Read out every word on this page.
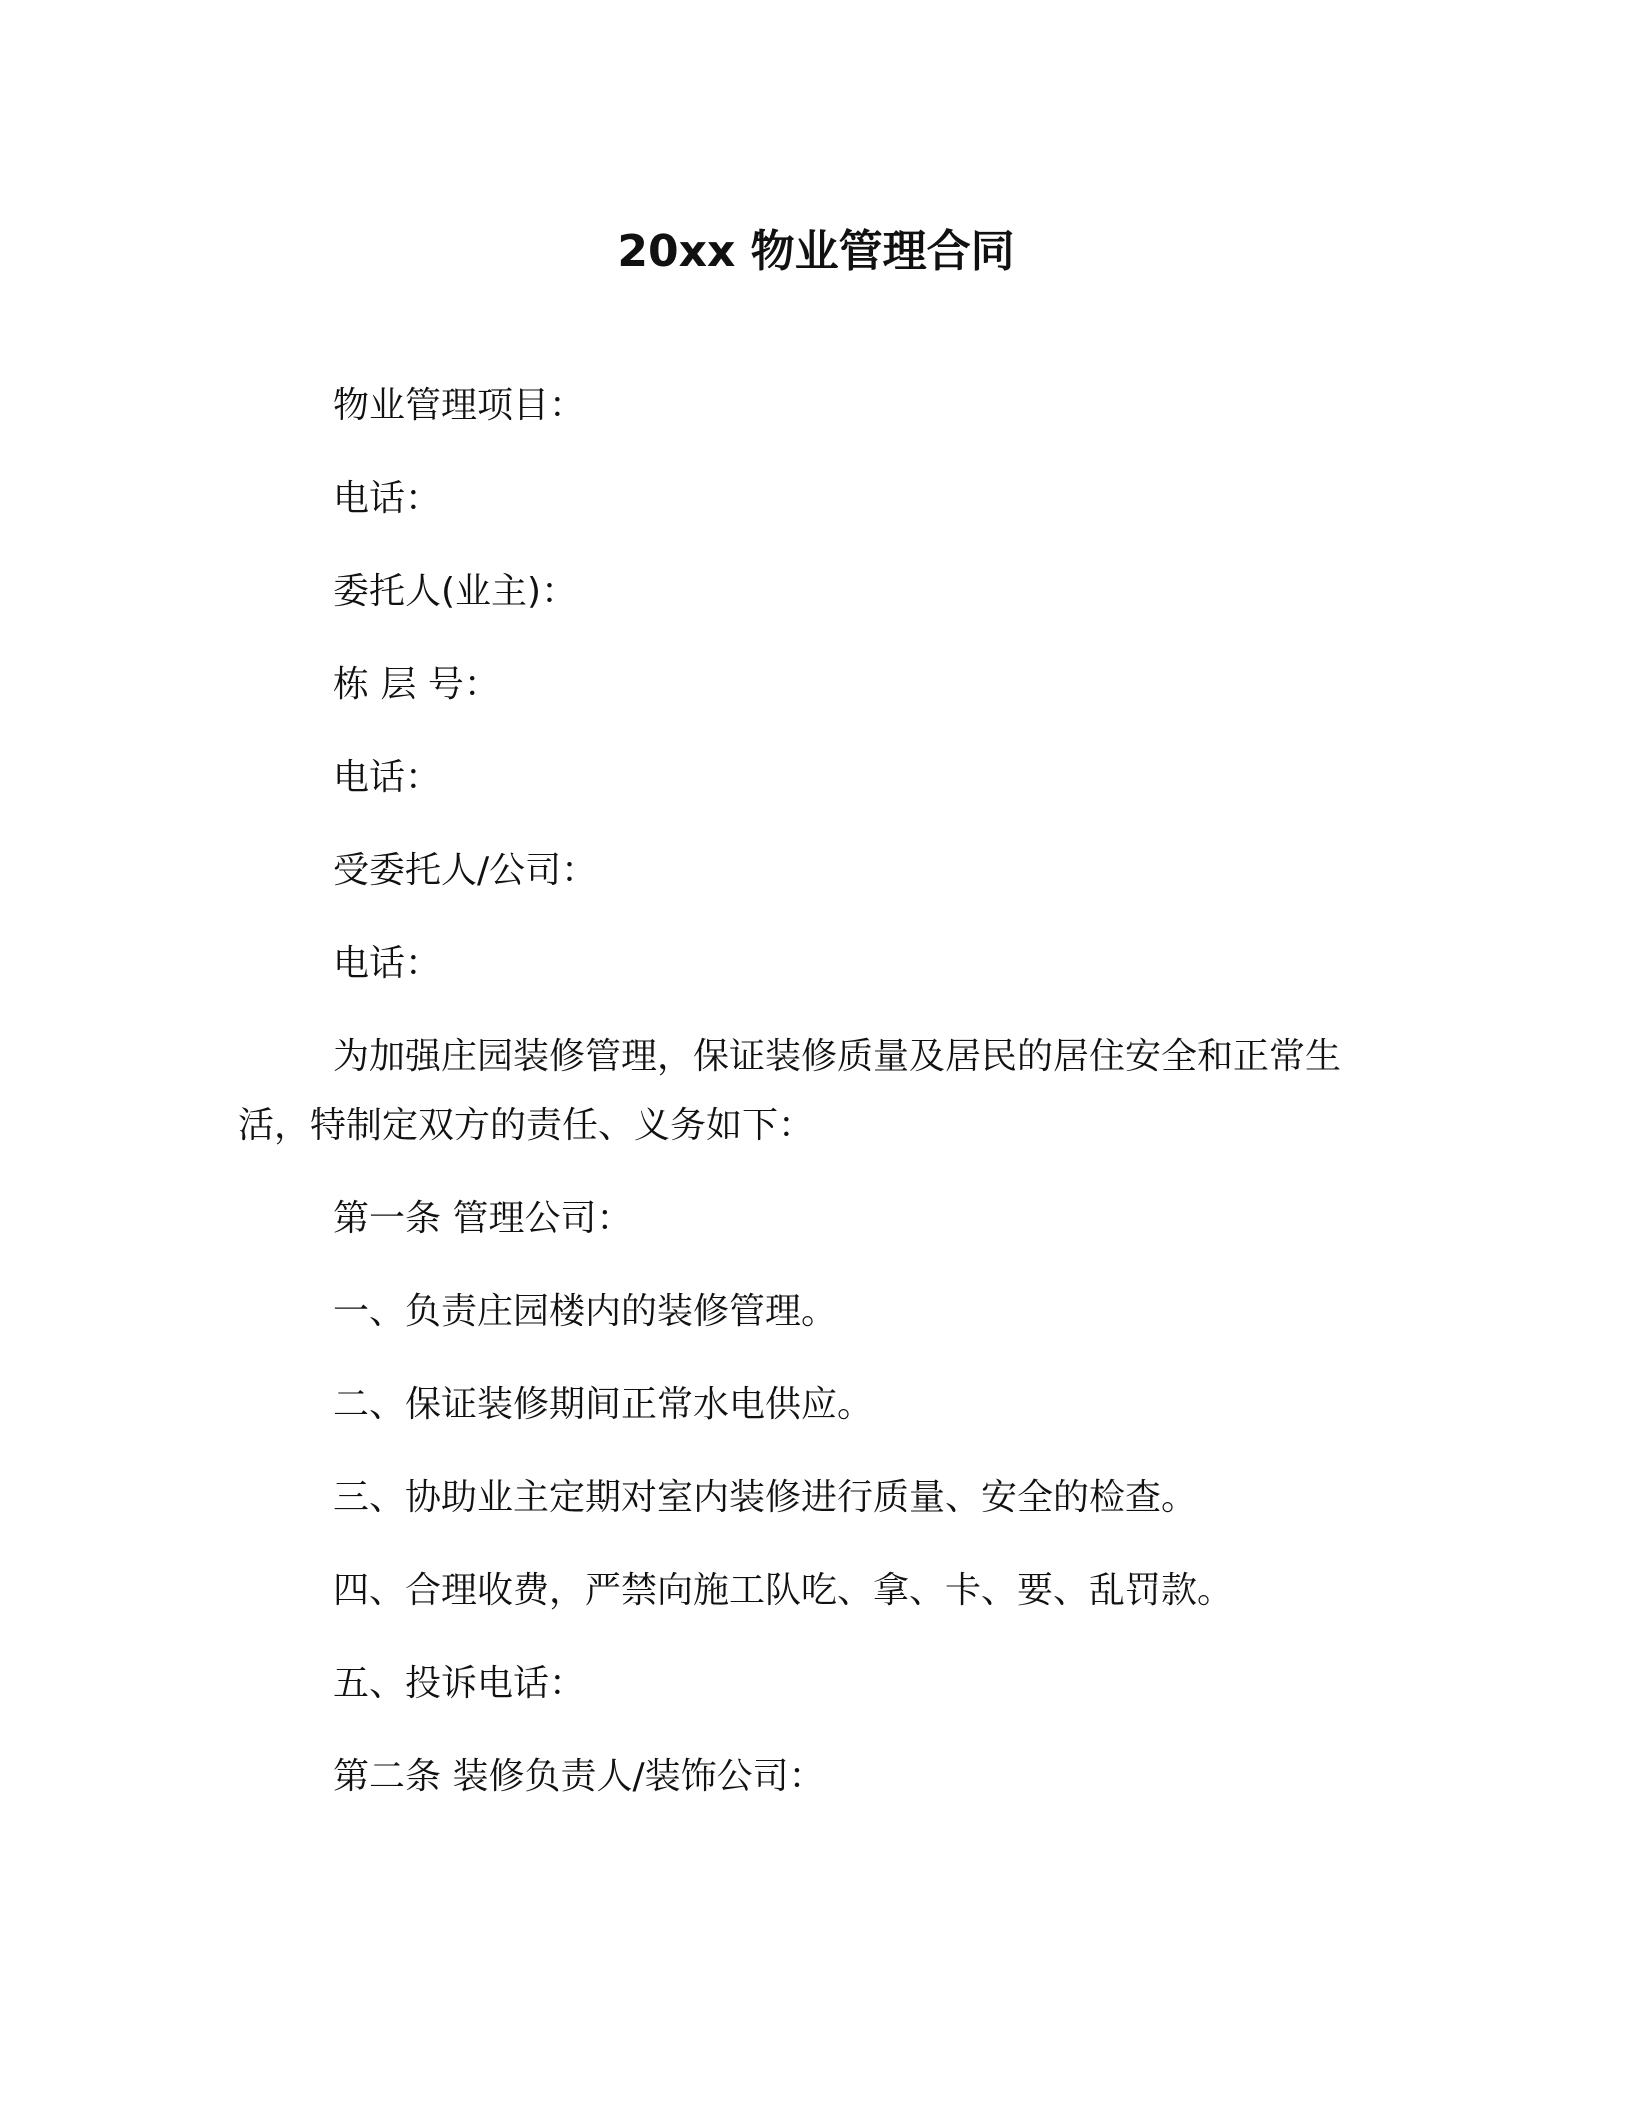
20xx 物业管理合同
物业管理项目：
电话：
委托人(业主)：
栋 层 号：
电话：
受委托人/公司：
电话：
为加强庄园装修管理，保证装修质量及居民的居住安全和正常生
活，特制定双方的责任、义务如下：
第一条 管理公司：
一、负责庄园楼内的装修管理。
二、保证装修期间正常水电供应。
三、协助业主定期对室内装修进行质量、安全的检查。
四、合理收费，严禁向施工队吃、拿、卡、要、乱罚款。
五、投诉电话：
第二条 装修负责人/装饰公司：
